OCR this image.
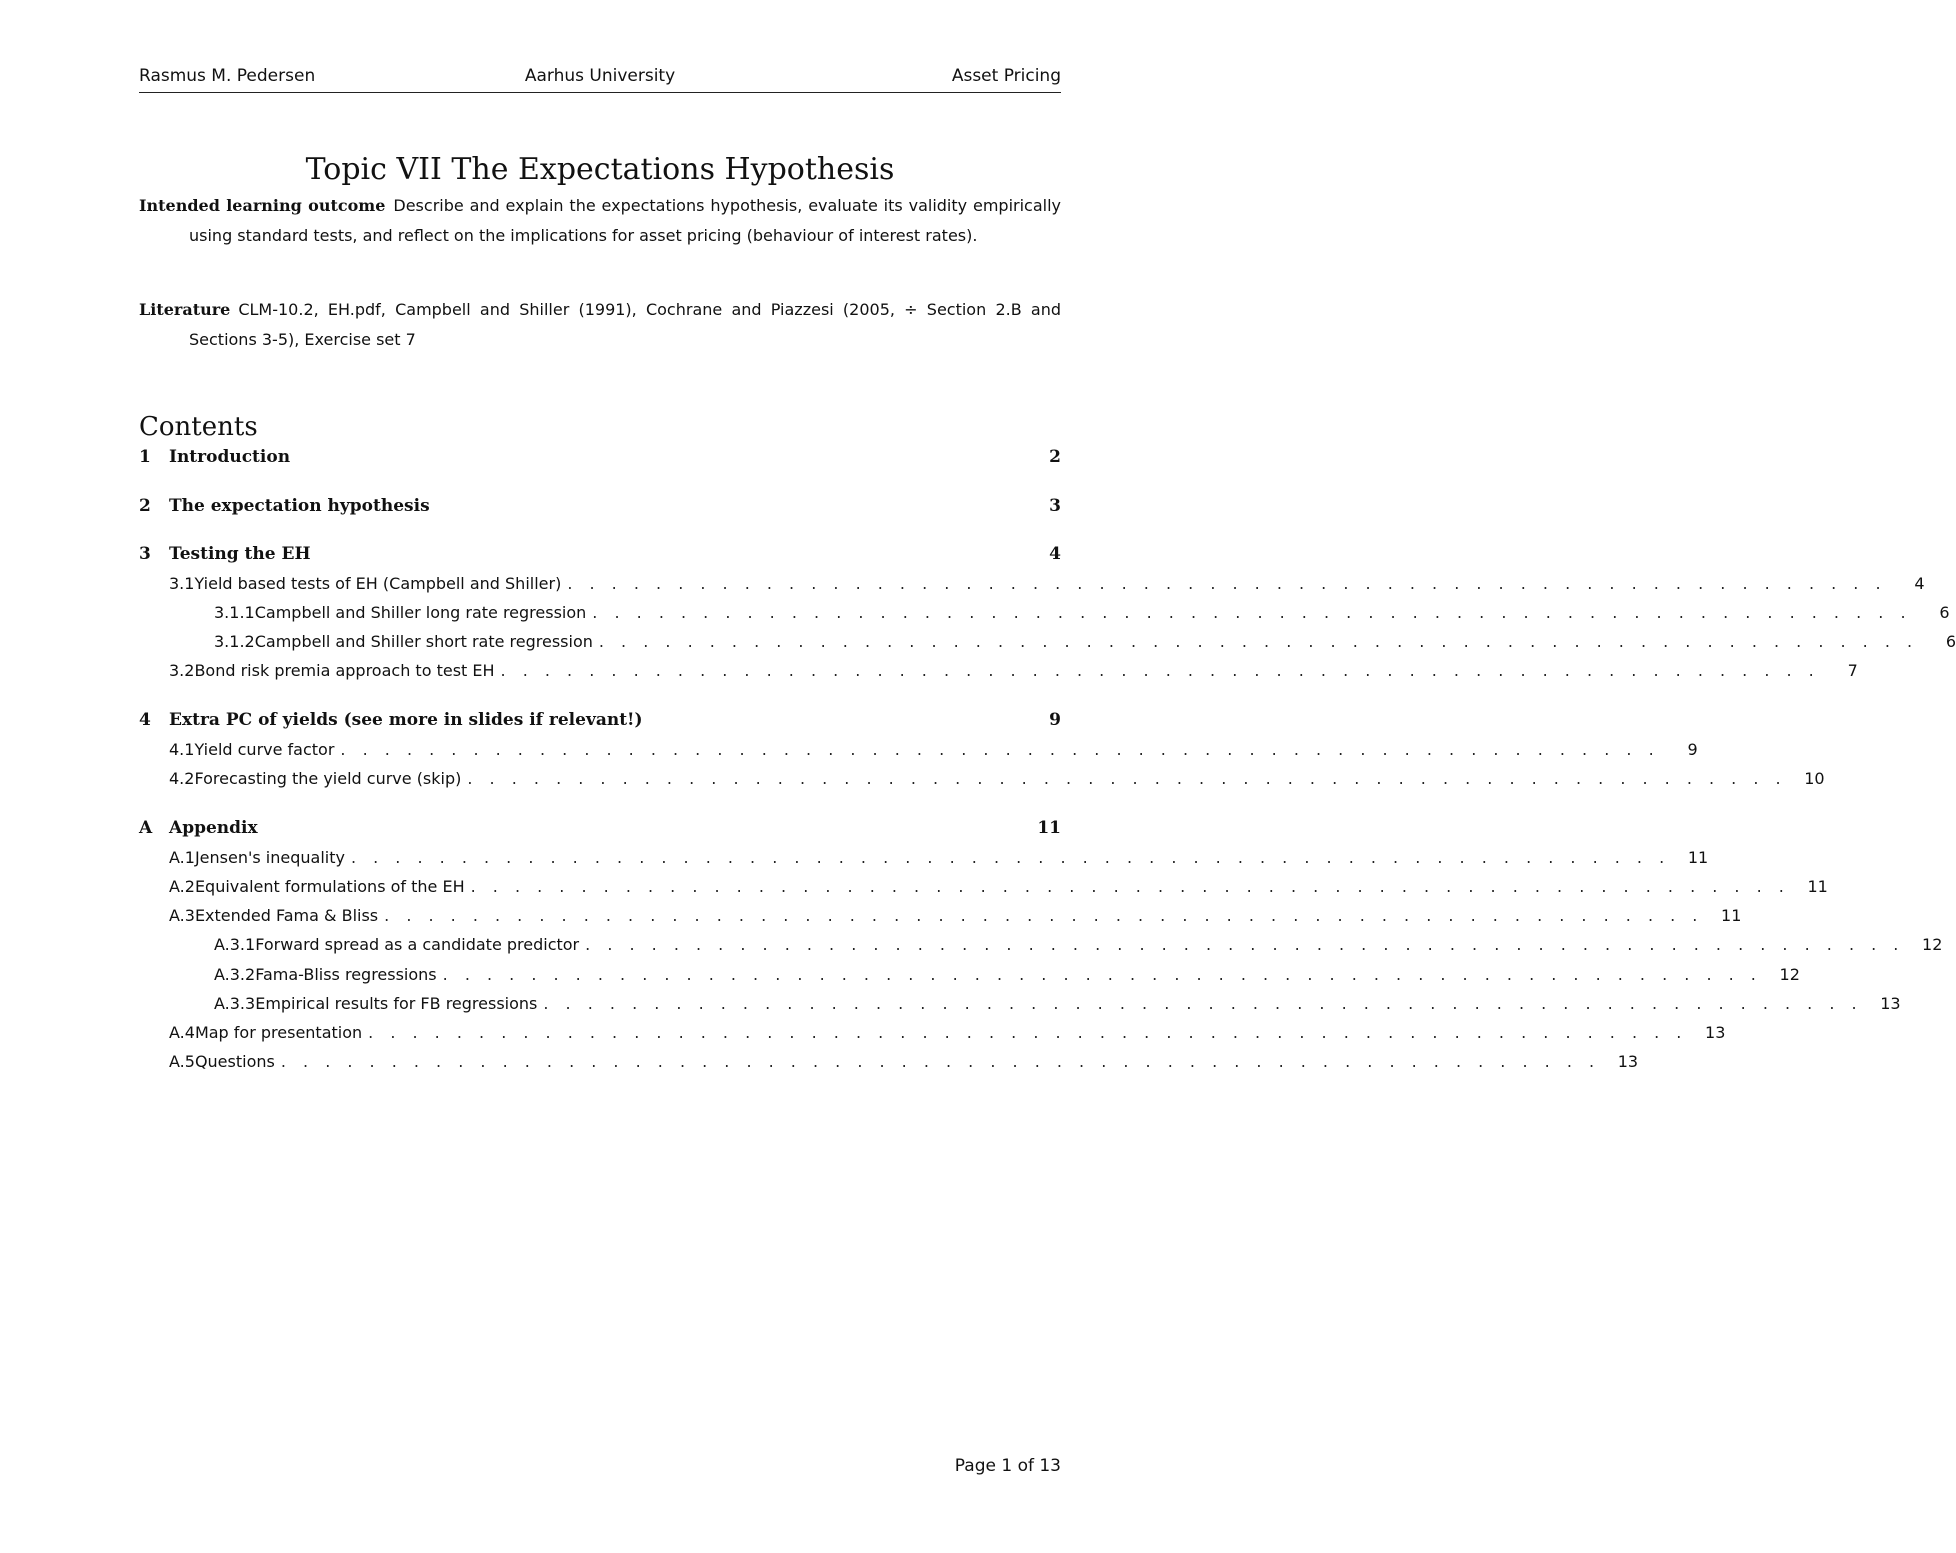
Rasmus M. Pedersen	Aarhus University	Asset Pricing
Topic VII The Expectations Hypothesis
Intended learning outcome Describe and explain the expectations hypothesis, evaluate its validity empirically using standard tests, and reflect on the implications for asset pricing (behaviour of interest rates).
Literature CLM-10.2, EH.pdf, Campbell and Shiller (1991), Cochrane and Piazzesi (2005, ÷ Section 2.B and Sections 3-5), Exercise set 7
Contents
1	Introduction	2
2	The expectation hypothesis	3
3	Testing the EH	4
3.1 Yield based tests of EH (Campbell and Shiller) . . . . . . . . . . . . . . . . . . . . . . . . . . . . . . . . . . . . . . . . . . . . . . . . . . . . . . . . . . . .	4
3.1.1 Campbell and Shiller long rate regression . . . . . . . . . . . . . . . . . . . . . . . . . . . . . . . . . . . . . . . . . . . . . . . . . . . . . . . . . . . .	6
3.1.2 Campbell and Shiller short rate regression . . . . . . . . . . . . . . . . . . . . . . . . . . . . . . . . . . . . . . . . . . . . . . . . . . . . . . . . . . . .	6
3.2 Bond risk premia approach to test EH . . . . . . . . . . . . . . . . . . . . . . . . . . . . . . . . . . . . . . . . . . . . . . . . . . . . . . . . . . . .	7
4	Extra PC of yields (see more in slides if relevant!)	9
4.1 Yield curve factor . . . . . . . . . . . . . . . . . . . . . . . . . . . . . . . . . . . . . . . . . . . . . . . . . . . . . . . . . . . .	9
4.2 Forecasting the yield curve (skip) . . . . . . . . . . . . . . . . . . . . . . . . . . . . . . . . . . . . . . . . . . . . . . . . . . . . . . . . . . . . 10
A Appendix	11
A.1 Jensen's inequality . . . . . . . . . . . . . . . . . . . . . . . . . . . . . . . . . . . . . . . . . . . . . . . . . . . . . . . . . . . . 11
A.2 Equivalent formulations of the EH . . . . . . . . . . . . . . . . . . . . . . . . . . . . . . . . . . . . . . . . . . . . . . . . . . . . . . . . . . . . 11
A.3 Extended Fama & Bliss . . . . . . . . . . . . . . . . . . . . . . . . . . . . . . . . . . . . . . . . . . . . . . . . . . . . . . . . . . . . 11
A.3.1 Forward spread as a candidate predictor . . . . . . . . . . . . . . . . . . . . . . . . . . . . . . . . . . . . . . . . . . . . . . . . . . . . . . . . . . . . 12
A.3.2 Fama-Bliss regressions . . . . . . . . . . . . . . . . . . . . . . . . . . . . . . . . . . . . . . . . . . . . . . . . . . . . . . . . . . . . 12
A.3.3 Empirical results for FB regressions . . . . . . . . . . . . . . . . . . . . . . . . . . . . . . . . . . . . . . . . . . . . . . . . . . . . . . . . . . . . 13
A.4 Map for presentation . . . . . . . . . . . . . . . . . . . . . . . . . . . . . . . . . . . . . . . . . . . . . . . . . . . . . . . . . . . . 13
A.5 Questions . . . . . . . . . . . . . . . . . . . . . . . . . . . . . . . . . . . . . . . . . . . . . . . . . . . . . . . . . . . . 13
Page 1 of 13
